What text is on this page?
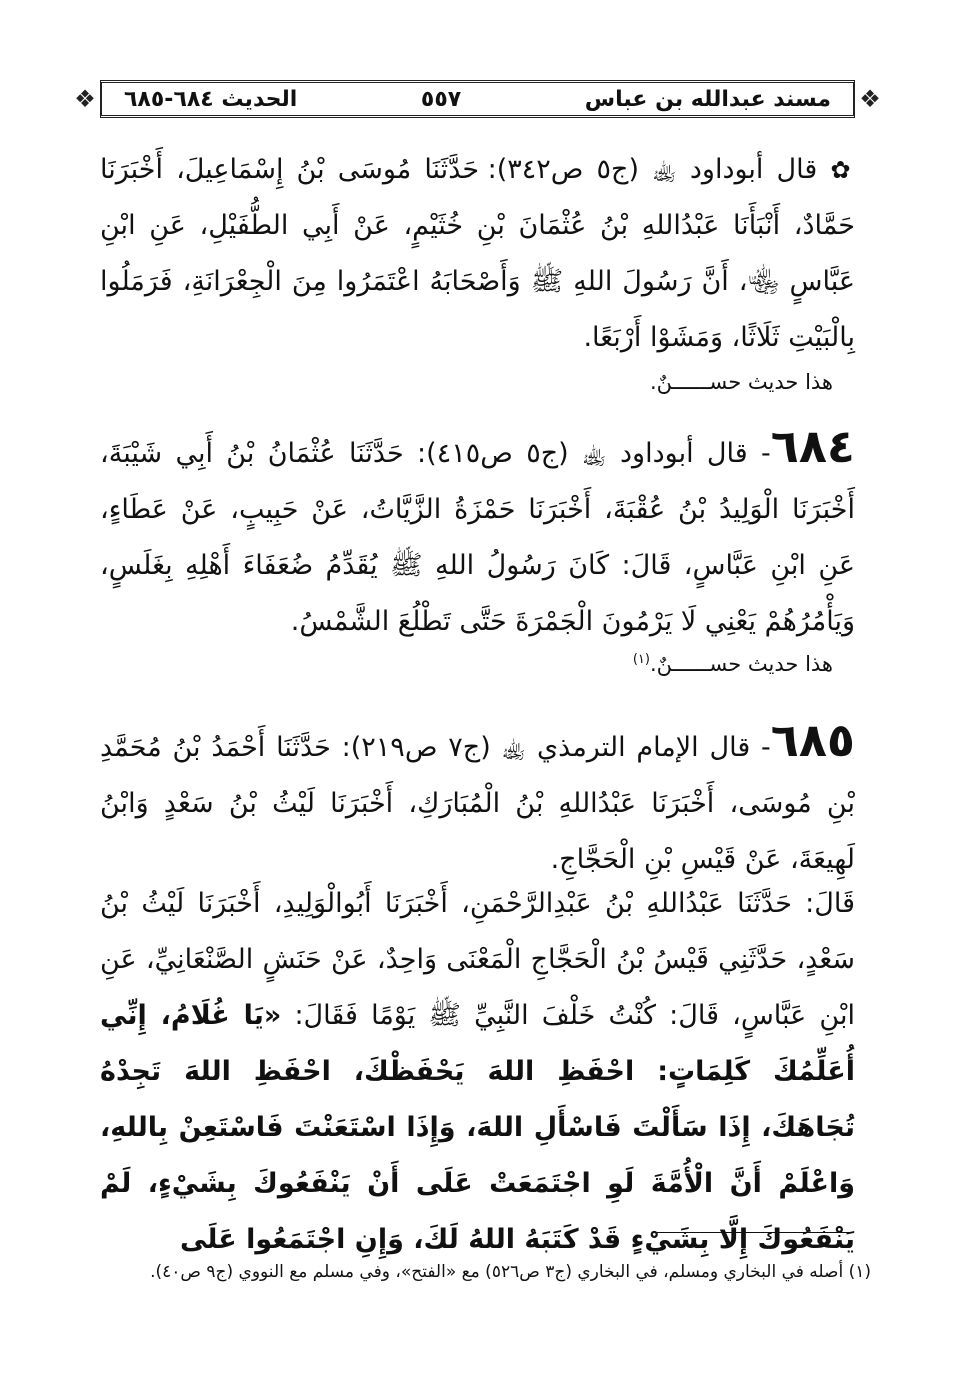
❖	مسند عبدالله بن عباس
٥٥٧
الحديث ٦٨٤-٦٨٥	❖
✿ قال أبوداود ﵀ (ج٥ ص٣٤٢): حَدَّثَنَا مُوسَى بْنُ إِسْمَاعِيلَ، أَخْبَرَنَا حَمَّادٌ، أَنْبَأَنَا عَبْدُاللهِ بْنُ عُثْمَانَ بْنِ خُثَيْمٍ، عَنْ أَبِي الطُّفَيْلِ، عَنِ ابْنِ عَبَّاسٍ ﵄، أَنَّ رَسُولَ اللهِ ﷺ وَأَصْحَابَهُ اعْتَمَرُوا مِنَ الْجِعْرَانَةِ، فَرَمَلُوا بِالْبَيْتِ ثَلَاثًا، وَمَشَوْا أَرْبَعًا.
هذا حديث حســــــنٌ.
٦٨٤- قال أبوداود ﵀ (ج٥ ص٤١٥): حَدَّثَنَا عُثْمَانُ بْنُ أَبِي شَيْبَةَ، أَخْبَرَنَا الْوَلِيدُ بْنُ عُقْبَةَ، أَخْبَرَنَا حَمْزَةُ الزَّيَّاتُ، عَنْ حَبِيبٍ، عَنْ عَطَاءٍ، عَنِ ابْنِ عَبَّاسٍ، قَالَ: كَانَ رَسُولُ اللهِ ﷺ يُقَدِّمُ ضُعَفَاءَ أَهْلِهِ بِغَلَسٍ، وَيَأْمُرُهُمْ يَعْنِي لَا يَرْمُونَ الْجَمْرَةَ حَتَّى تَطْلُعَ الشَّمْسُ.
هذا حديث حســــــنٌ.$^{(١)}$
٦٨٥- قال الإمام الترمذي ﵀ (ج٧ ص٢١٩): حَدَّثَنَا أَحْمَدُ بْنُ مُحَمَّدِ بْنِ مُوسَى، أَخْبَرَنَا عَبْدُاللهِ بْنُ الْمُبَارَكِ، أَخْبَرَنَا لَيْثُ بْنُ سَعْدٍ وَابْنُ لَهِيعَةَ، عَنْ قَيْسِ بْنِ الْحَجَّاجِ.
قَالَ: حَدَّثَنَا عَبْدُاللهِ بْنُ عَبْدِالرَّحْمَنِ، أَخْبَرَنَا أَبُوالْوَلِيدِ، أَخْبَرَنَا لَيْثُ بْنُ سَعْدٍ، حَدَّثَنِي قَيْسُ بْنُ الْحَجَّاجِ الْمَعْنَى وَاحِدٌ، عَنْ حَنَشٍ الصَّنْعَانِيِّ، عَنِ ابْنِ عَبَّاسٍ، قَالَ: كُنْتُ خَلْفَ النَّبِيِّ ﷺ يَوْمًا فَقَالَ: «يَا غُلَامُ، إِنِّي أُعَلِّمُكَ كَلِمَاتٍ: احْفَظِ اللهَ يَحْفَظْكَ، احْفَظِ اللهَ تَجِدْهُ تُجَاهَكَ، إِذَا سَأَلْتَ فَاسْأَلِ اللهَ، وَإِذَا اسْتَعَنْتَ فَاسْتَعِنْ بِاللهِ، وَاعْلَمْ أَنَّ الْأُمَّةَ لَوِ اجْتَمَعَتْ عَلَى أَنْ يَنْفَعُوكَ بِشَيْءٍ، لَمْ يَنْفَعُوكَ إِلَّا بِشَيْءٍ قَدْ كَتَبَهُ اللهُ لَكَ، وَإِنِ اجْتَمَعُوا عَلَى
(١) أصله في البخاري ومسلم، في البخاري (ج٣ ص٥٢٦) مع «الفتح»، وفي مسلم مع النووي (ج٩ ص٤٠).
